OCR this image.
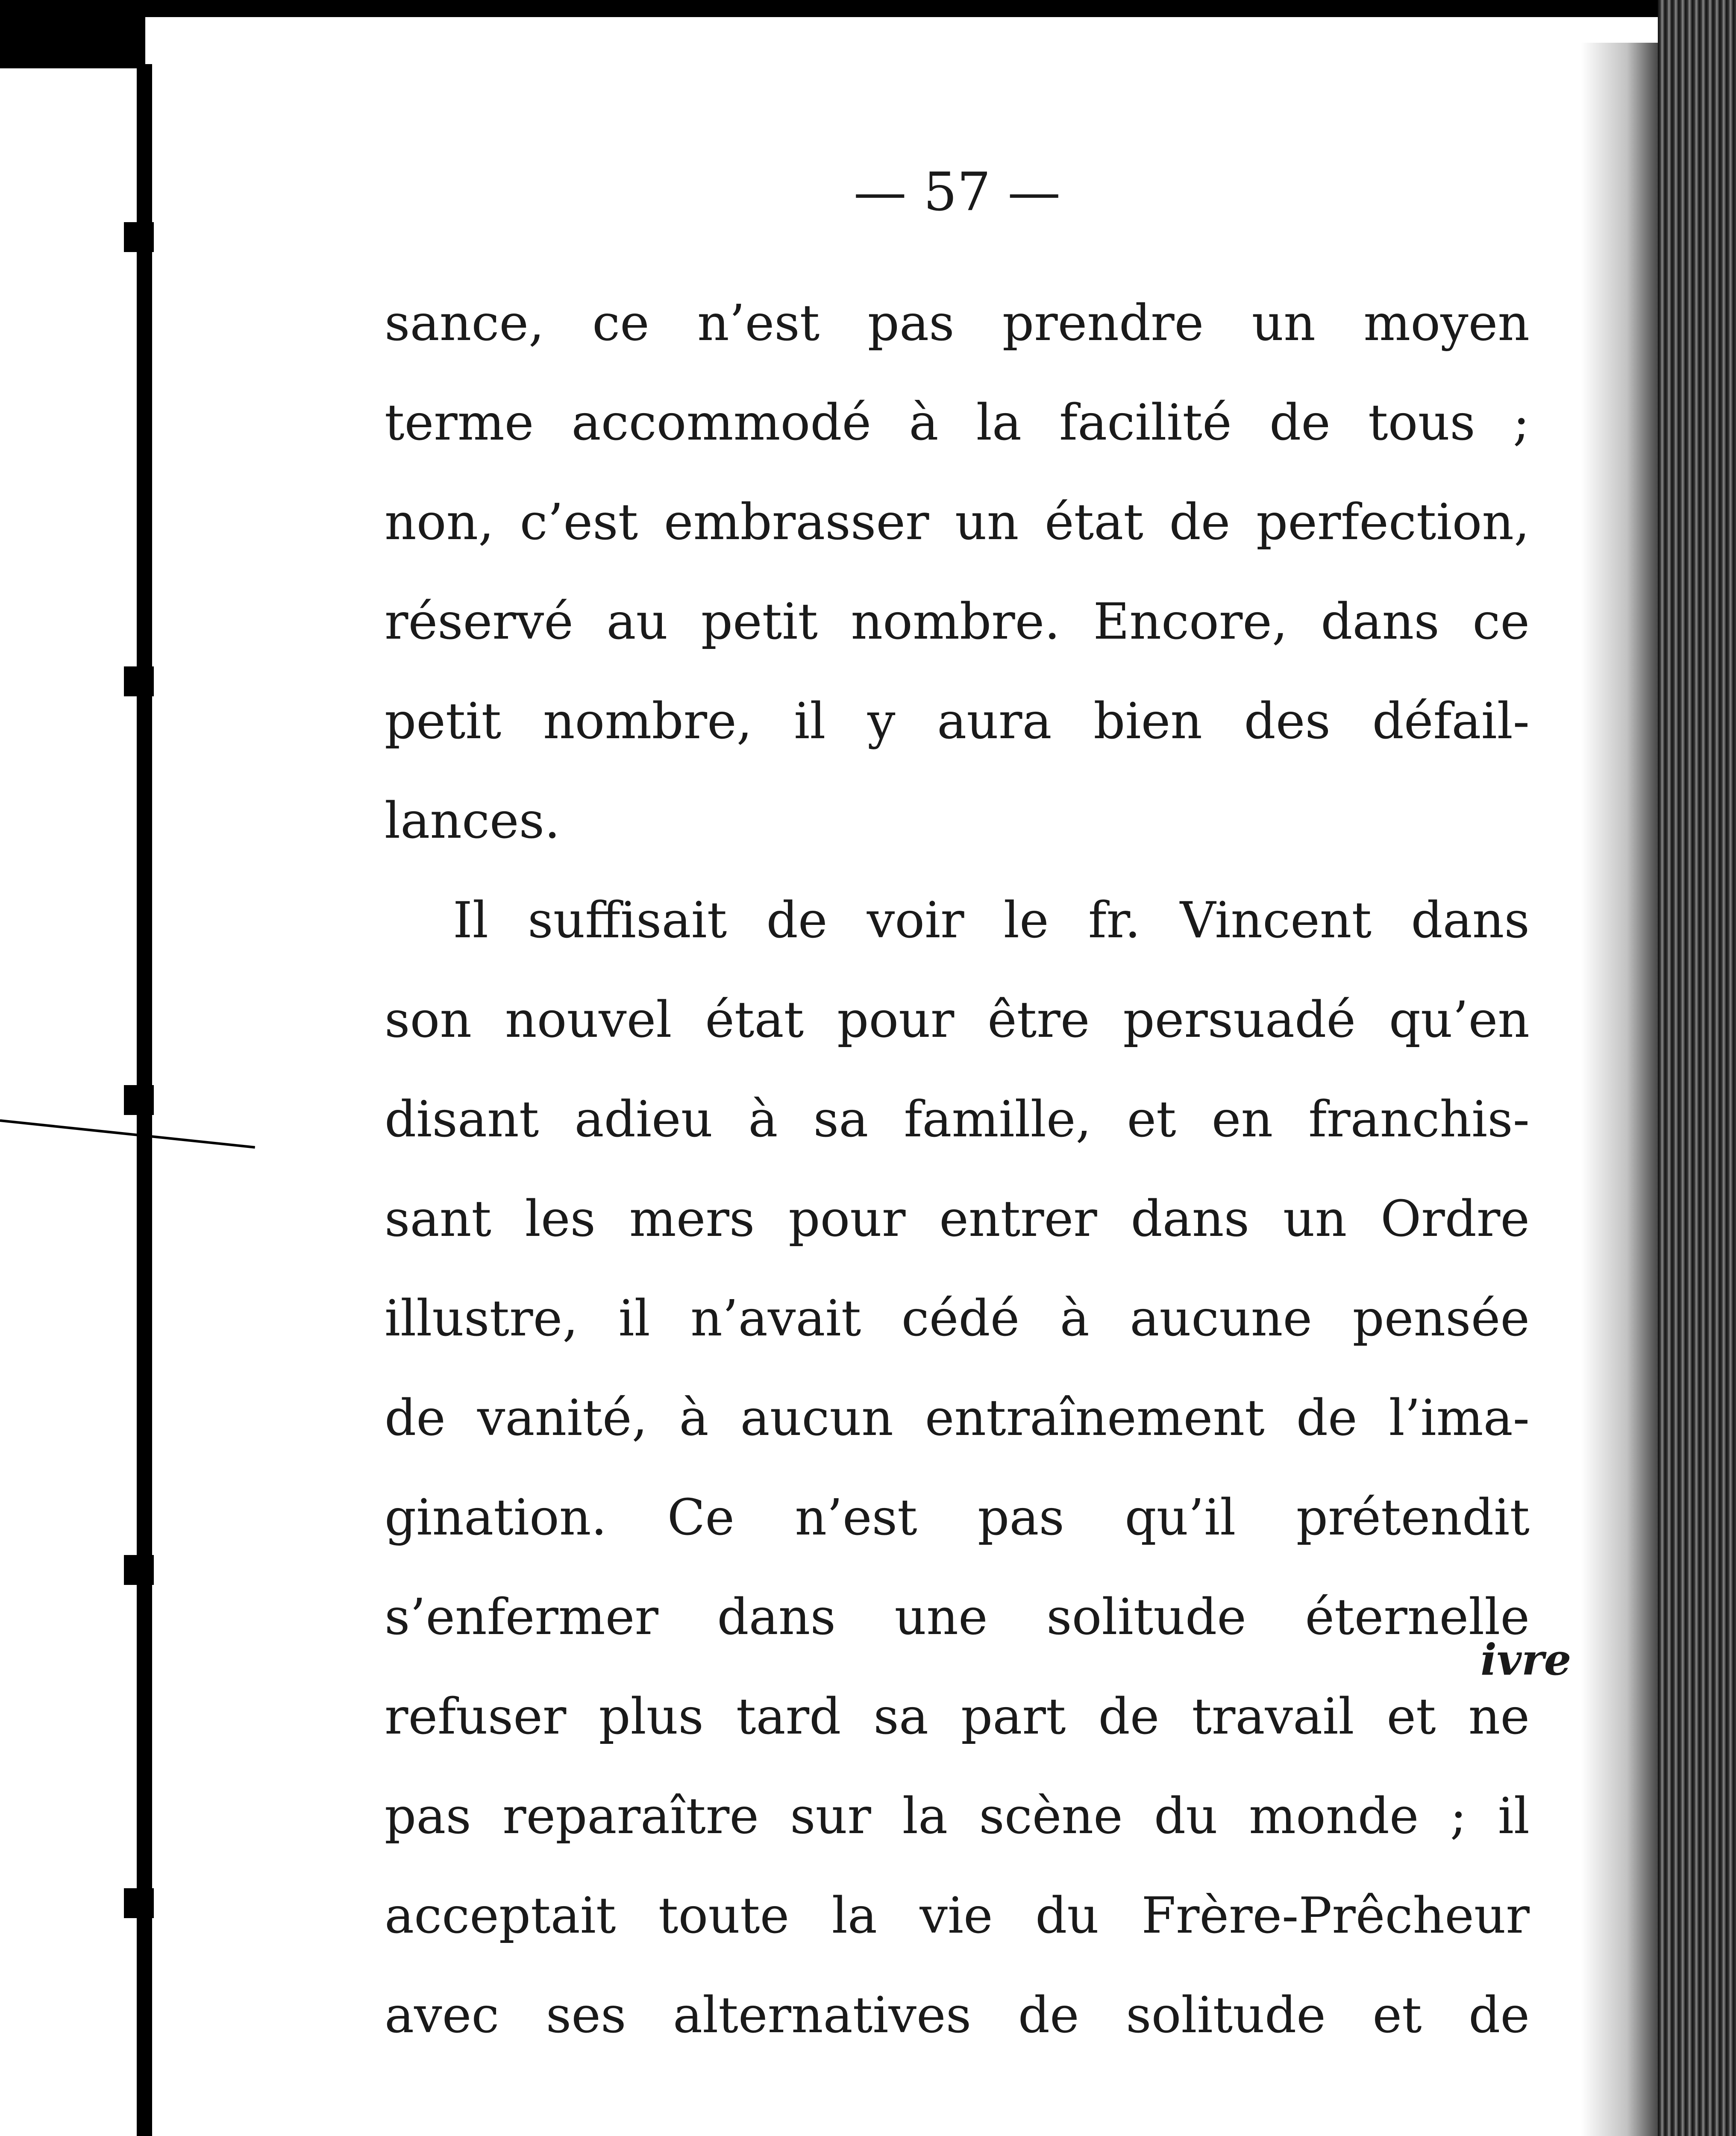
— 57 —
sance, ce n’est pas prendre un moyen
terme accommodé à la facilité de tous ;
non, c’est embrasser un état de perfection,
réservé au petit nombre. Encore, dans ce
petit nombre, il y aura bien des défail-
lances.
Il suffisait de voir le fr. Vincent dans
son nouvel état pour être persuadé qu’en
disant adieu à sa famille, et en franchis-
sant les mers pour entrer dans un Ordre
illustre, il n’avait cédé à aucune pensée
de vanité, à aucun entraînement de l’ima-
gination. Ce n’est pas qu’il prétendit
s’enfermer dans une solitude éternelle
refuser plus tard sa part de travail et ne
pas reparaître sur la scène du monde ; il
acceptait toute la vie du Frère-Prêcheur
avec ses alternatives de solitude et de
ivre
